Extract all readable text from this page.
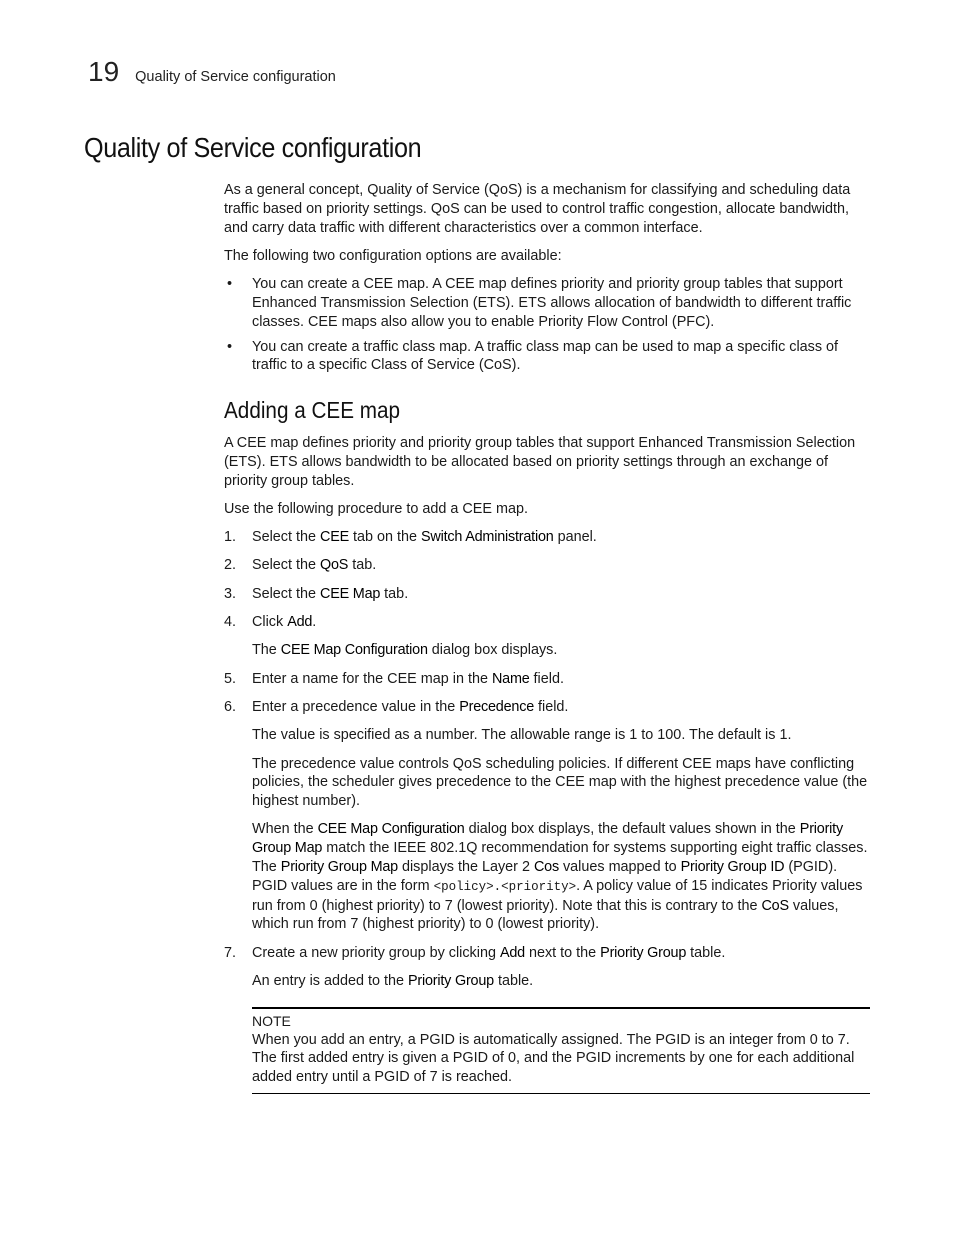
19 Quality of Service configuration
Quality of Service configuration

As a general concept, Quality of Service (QoS) is a mechanism for classifying and scheduling data traffic based on priority settings. QoS can be used to control traffic congestion, allocate bandwidth, and carry data traffic with different characteristics over a common interface.

The following two configuration options are available:

• You can create a CEE map. A CEE map defines priority and priority group tables that support Enhanced Transmission Selection (ETS). ETS allows allocation of bandwidth to different traffic classes. CEE maps also allow you to enable Priority Flow Control (PFC).
• You can create a traffic class map. A traffic class map can be used to map a specific class of traffic to a specific Class of Service (CoS).
Adding a CEE map

A CEE map defines priority and priority group tables that support Enhanced Transmission Selection (ETS). ETS allows bandwidth to be allocated based on priority settings through an exchange of priority group tables.

Use the following procedure to add a CEE map.

1. Select the CEE tab on the Switch Administration panel.
2. Select the QoS tab.
3. Select the CEE Map tab.
4. Click Add.
The CEE Map Configuration dialog box displays.
5. Enter a name for the CEE map in the Name field.
6. Enter a precedence value in the Precedence field.
The value is specified as a number. The allowable range is 1 to 100. The default is 1.
The precedence value controls QoS scheduling policies. If different CEE maps have conflicting policies, the scheduler gives precedence to the CEE map with the highest precedence value (the highest number).
When the CEE Map Configuration dialog box displays, the default values shown in the Priority Group Map match the IEEE 802.1Q recommendation for systems supporting eight traffic classes. The Priority Group Map displays the Layer 2 Cos values mapped to Priority Group ID (PGID). PGID values are in the form <policy>.<priority>. A policy value of 15 indicates Priority values run from 0 (highest priority) to 7 (lowest priority). Note that this is contrary to the CoS values, which run from 7 (highest priority) to 0 (lowest priority).
7. Create a new priority group by clicking Add next to the Priority Group table.
An entry is added to the Priority Group table.
NOTE
When you add an entry, a PGID is automatically assigned. The PGID is an integer from 0 to 7. The first added entry is given a PGID of 0, and the PGID increments by one for each additional added entry until a PGID of 7 is reached.
